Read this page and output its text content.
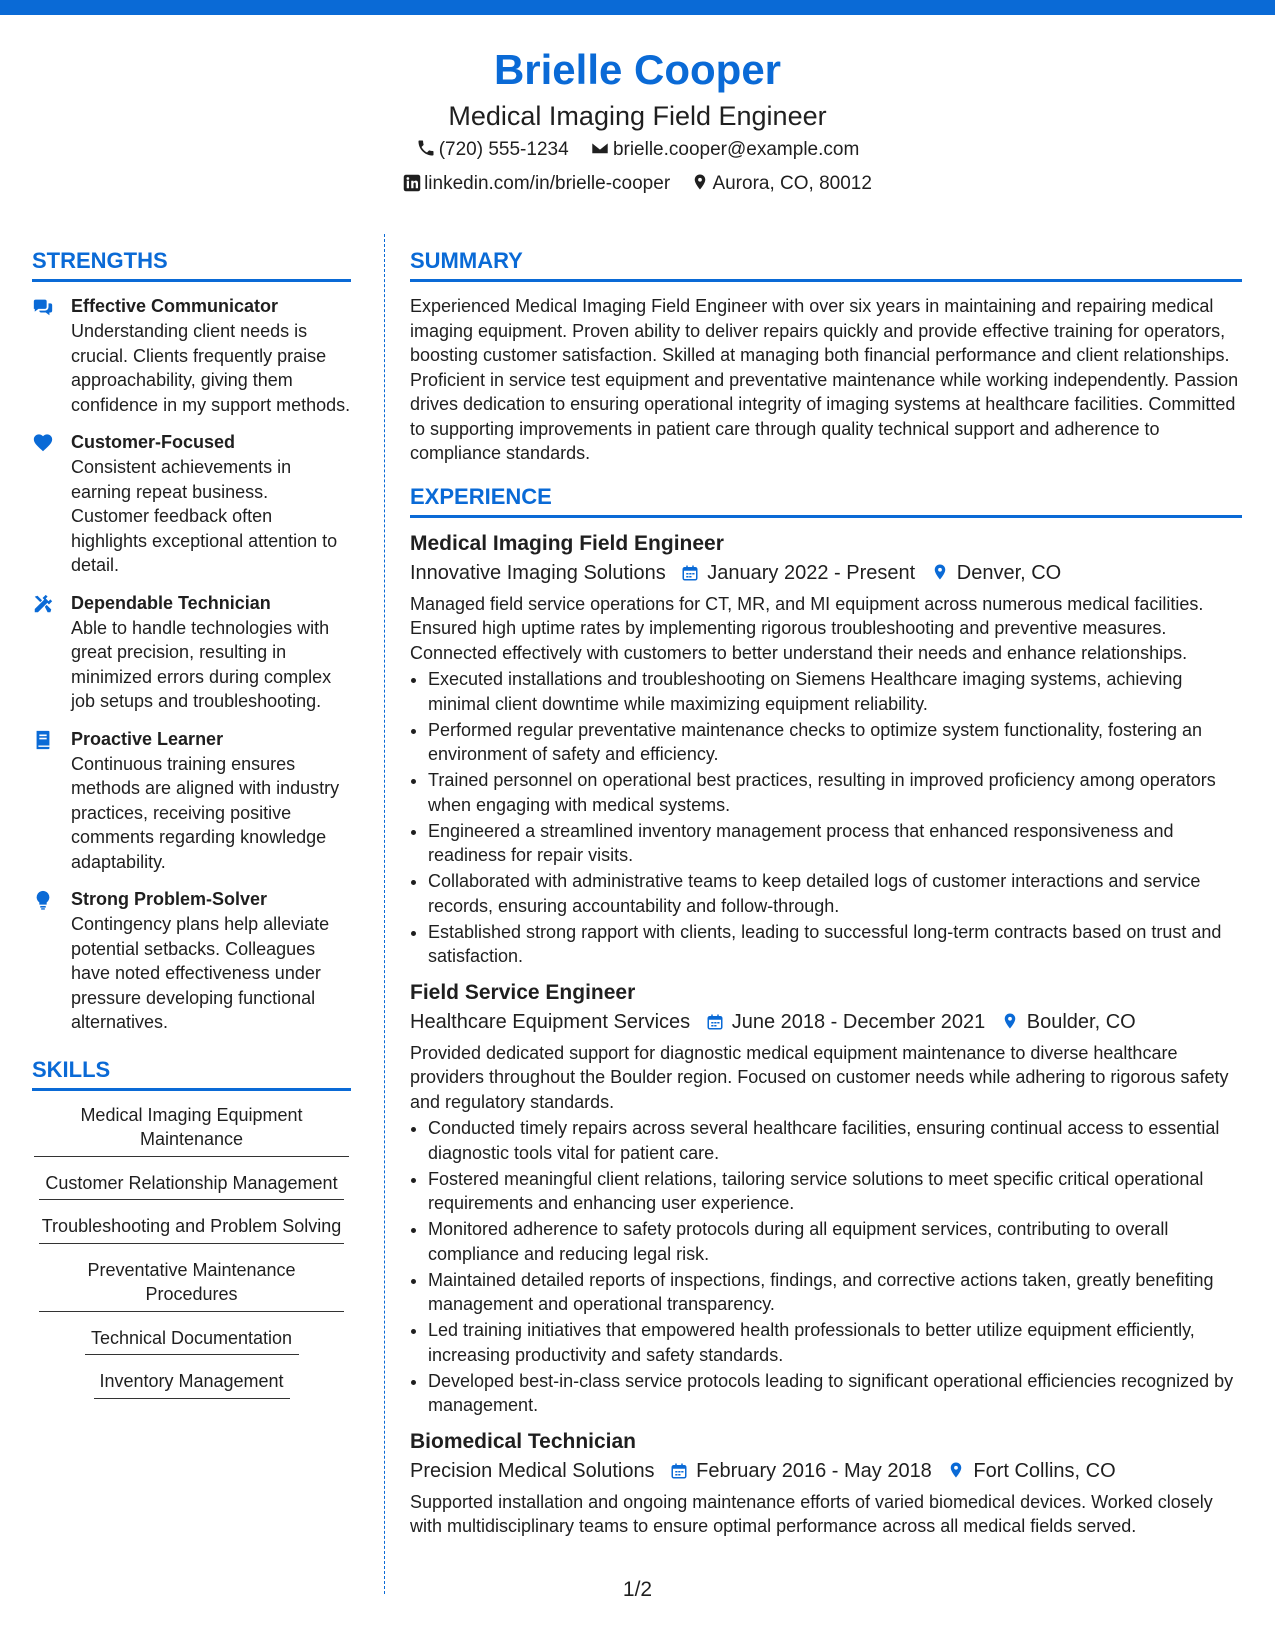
Brielle Cooper
Medical Imaging Field Engineer
(720) 555-1234 brielle.cooper@example.com
linkedin.com/in/brielle-cooper Aurora, CO, 80012
STRENGTHS
Effective Communicator
Understanding client needs is crucial. Clients frequently praise approachability, giving them confidence in my support methods.
Customer-Focused
Consistent achievements in earning repeat business. Customer feedback often highlights exceptional attention to detail.
Dependable Technician
Able to handle technologies with great precision, resulting in minimized errors during complex job setups and troubleshooting.
Proactive Learner
Continuous training ensures methods are aligned with industry practices, receiving positive comments regarding knowledge adaptability.
Strong Problem-Solver
Contingency plans help alleviate potential setbacks. Colleagues have noted effectiveness under pressure developing functional alternatives.
SKILLS
Medical Imaging Equipment Maintenance
Customer Relationship Management
Troubleshooting and Problem Solving
Preventative Maintenance Procedures
Technical Documentation
Inventory Management
SUMMARY
Experienced Medical Imaging Field Engineer with over six years in maintaining and repairing medical imaging equipment. Proven ability to deliver repairs quickly and provide effective training for operators, boosting customer satisfaction. Skilled at managing both financial performance and client relationships. Proficient in service test equipment and preventative maintenance while working independently. Passion drives dedication to ensuring operational integrity of imaging systems at healthcare facilities. Committed to supporting improvements in patient care through quality technical support and adherence to compliance standards.
EXPERIENCE
Medical Imaging Field Engineer
Innovative Imaging Solutions January 2022 - Present Denver, CO
Managed field service operations for CT, MR, and MI equipment across numerous medical facilities. Ensured high uptime rates by implementing rigorous troubleshooting and preventive measures. Connected effectively with customers to better understand their needs and enhance relationships.
• Executed installations and troubleshooting on Siemens Healthcare imaging systems, achieving minimal client downtime while maximizing equipment reliability.
• Performed regular preventative maintenance checks to optimize system functionality, fostering an environment of safety and efficiency.
• Trained personnel on operational best practices, resulting in improved proficiency among operators when engaging with medical systems.
• Engineered a streamlined inventory management process that enhanced responsiveness and readiness for repair visits.
• Collaborated with administrative teams to keep detailed logs of customer interactions and service records, ensuring accountability and follow-through.
• Established strong rapport with clients, leading to successful long-term contracts based on trust and satisfaction.
Field Service Engineer
Healthcare Equipment Services June 2018 - December 2021 Boulder, CO
Provided dedicated support for diagnostic medical equipment maintenance to diverse healthcare providers throughout the Boulder region. Focused on customer needs while adhering to rigorous safety and regulatory standards.
• Conducted timely repairs across several healthcare facilities, ensuring continual access to essential diagnostic tools vital for patient care.
• Fostered meaningful client relations, tailoring service solutions to meet specific critical operational requirements and enhancing user experience.
• Monitored adherence to safety protocols during all equipment services, contributing to overall compliance and reducing legal risk.
• Maintained detailed reports of inspections, findings, and corrective actions taken, greatly benefiting management and operational transparency.
• Led training initiatives that empowered health professionals to better utilize equipment efficiently, increasing productivity and safety standards.
• Developed best-in-class service protocols leading to significant operational efficiencies recognized by management.
Biomedical Technician
Precision Medical Solutions February 2016 - May 2018 Fort Collins, CO
Supported installation and ongoing maintenance efforts of varied biomedical devices. Worked closely with multidisciplinary teams to ensure optimal performance across all medical fields served.
1/2
